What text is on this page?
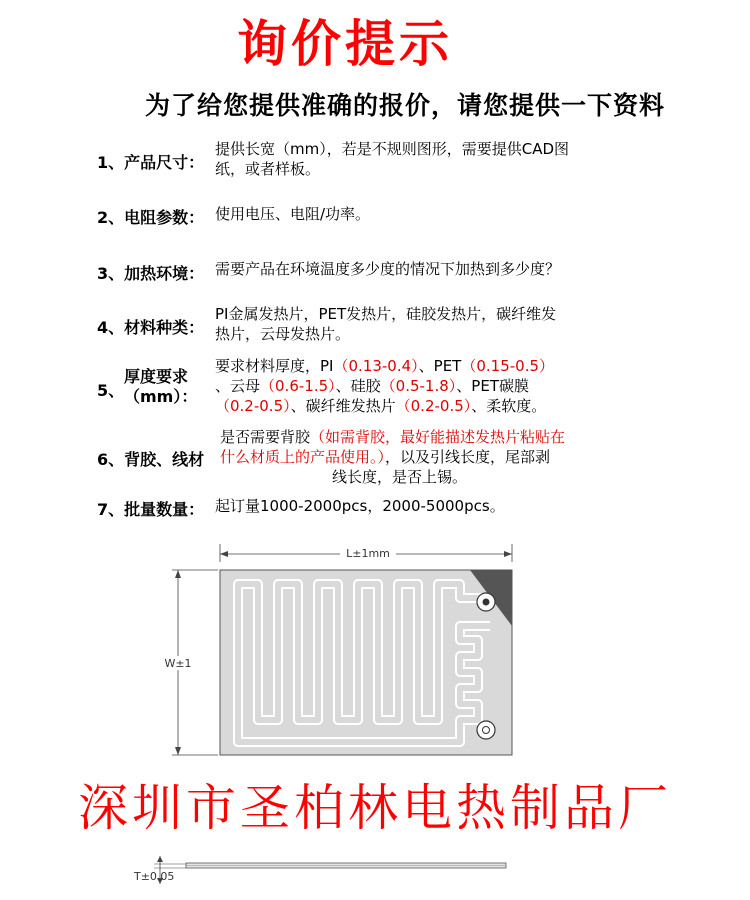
询价提示
为了给您提供准确的报价，请您提供一下资料
1、产品尺寸：
提供长宽（mm），若是不规则图形，需要提供CAD图
纸，或者样板。
2、电阻参数： 使用电压、电阻/功率。
3、加热环境： 需要产品在环境温度多少度的情况下加热到多少度？
4、材料种类：
PI金属发热片，PET发热片，硅胶发热片，碳纤维发
热片，云母发热片。
5、
厚度要求
（mm）：
要求材料厚度，PI（0.13-0.4）、PET（0.15-0.5）
、云母（0.6-1.5）、硅胶（0.5-1.8）、PET碳膜
（0.2-0.5）、碳纤维发热片（0.2-0.5）、柔软度。
6、背胶、线材
是否需要背胶（如需背胶，最好能描述发热片粘贴在
什么材质上的产品使用。），以及引线长度，尾部剥
线长度，是否上锡。
7、批量数量： 起订量1000-2000pcs，2000-5000pcs。
L±1mm
W±1
深圳市圣柏林电热制品厂
T±0.05
